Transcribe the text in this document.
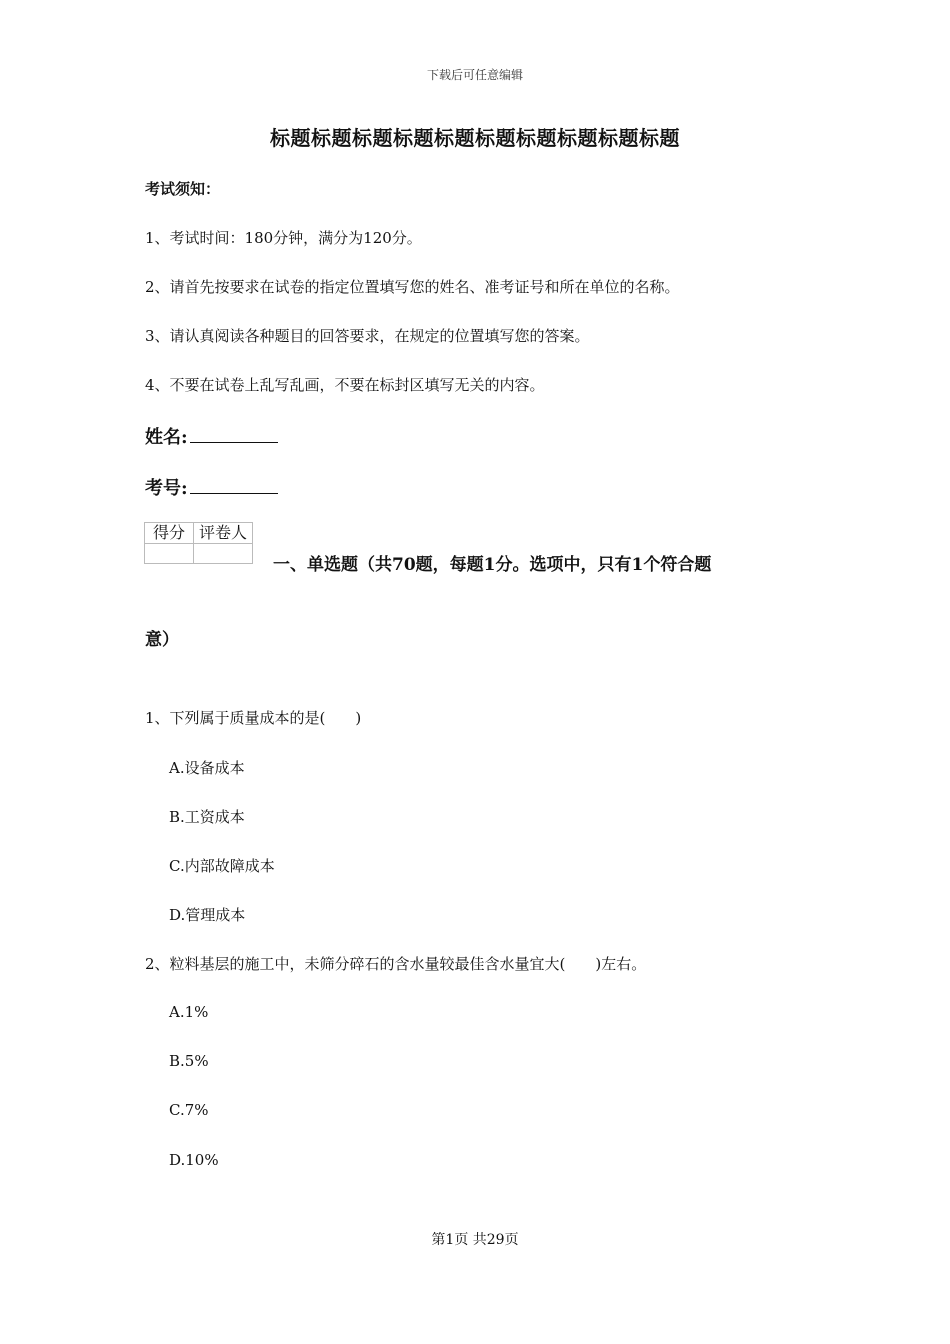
下载后可任意编辑
标题标题标题标题标题标题标题标题标题标题
考试须知：
1、考试时间：180分钟，满分为120分。
2、请首先按要求在试卷的指定位置填写您的姓名、准考证号和所在单位的名称。
3、请认真阅读各种题目的回答要求，在规定的位置填写您的答案。
4、不要在试卷上乱写乱画，不要在标封区填写无关的内容。
姓名:
考号:
得分	评卷人

一、单选题（共70题，每题1分。选项中，只有1个符合题
意）
1、下列属于质量成本的是(　　)
A.设备成本
B.工资成本
C.内部故障成本
D.管理成本
2、粒料基层的施工中，未筛分碎石的含水量较最佳含水量宜大(　　)左右。
A.1%
B.5%
C.7%
D.10%
第1页 共29页
